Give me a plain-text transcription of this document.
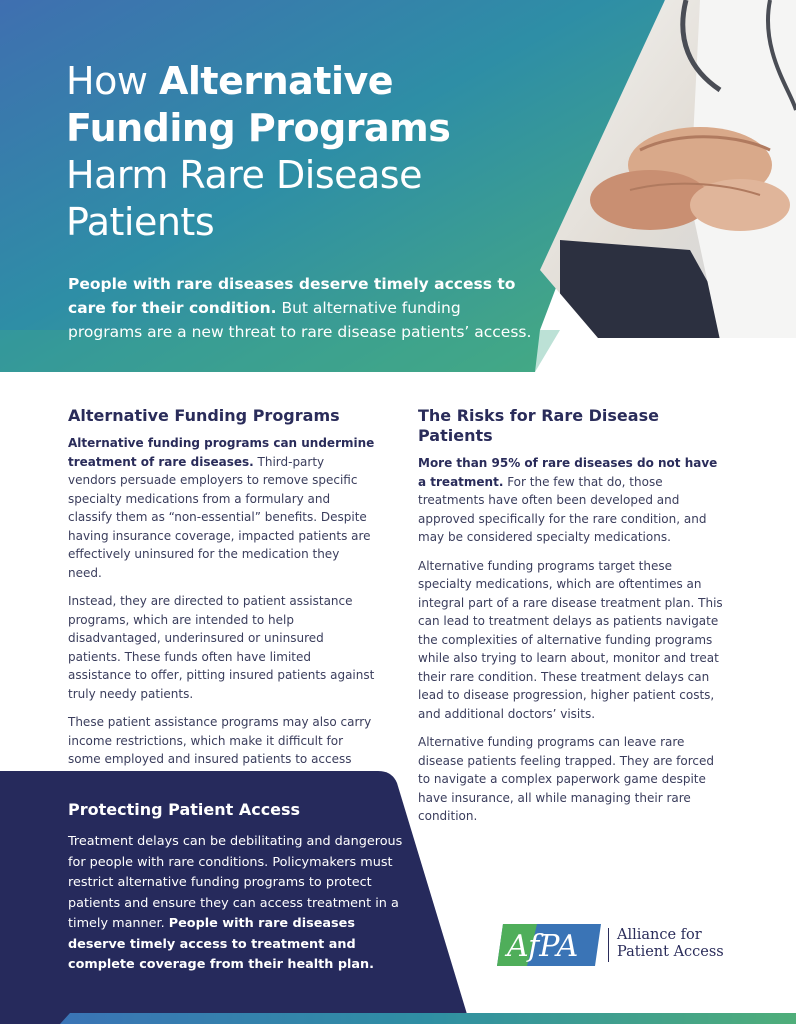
How Alternative Funding Programs Harm Rare Disease Patients

People with rare diseases deserve timely access to care for their condition. But alternative funding programs are a new threat to rare disease patients’ access.

Alternative Funding Programs

Alternative funding programs can undermine treatment of rare diseases. Third-party vendors persuade employers to remove specific specialty medications from a formulary and classify them as “non-essential” benefits. Despite having insurance coverage, impacted patients are effectively uninsured for the medication they need.

Instead, they are directed to patient assistance programs, which are intended to help disadvantaged, underinsured or uninsured patients. These funds often have limited assistance to offer, pitting insured patients against truly needy patients.

These patient assistance programs may also carry income restrictions, which make it difficult for some employed and insured patients to access

The Risks for Rare Disease Patients

More than 95% of rare diseases do not have a treatment. For the few that do, those treatments have often been developed and approved specifically for the rare condition, and may be considered specialty medications.

Alternative funding programs target these specialty medications, which are oftentimes an integral part of a rare disease treatment plan. This can lead to treatment delays as patients navigate the complexities of alternative funding programs while also trying to learn about, monitor and treat their rare condition. These treatment delays can lead to disease progression, higher patient costs, and additional doctors’ visits.

Alternative funding programs can leave rare disease patients feeling trapped. They are forced to navigate a complex paperwork game despite have insurance, all while managing their rare condition.

Protecting Patient Access

Treatment delays can be debilitating and dangerous for people with rare conditions. Policymakers must restrict alternative funding programs to protect patients and ensure they can access treatment in a timely manner. People with rare diseases deserve timely access to treatment and complete coverage from their health plan.

AfPA	Alliance for
Patient Access
